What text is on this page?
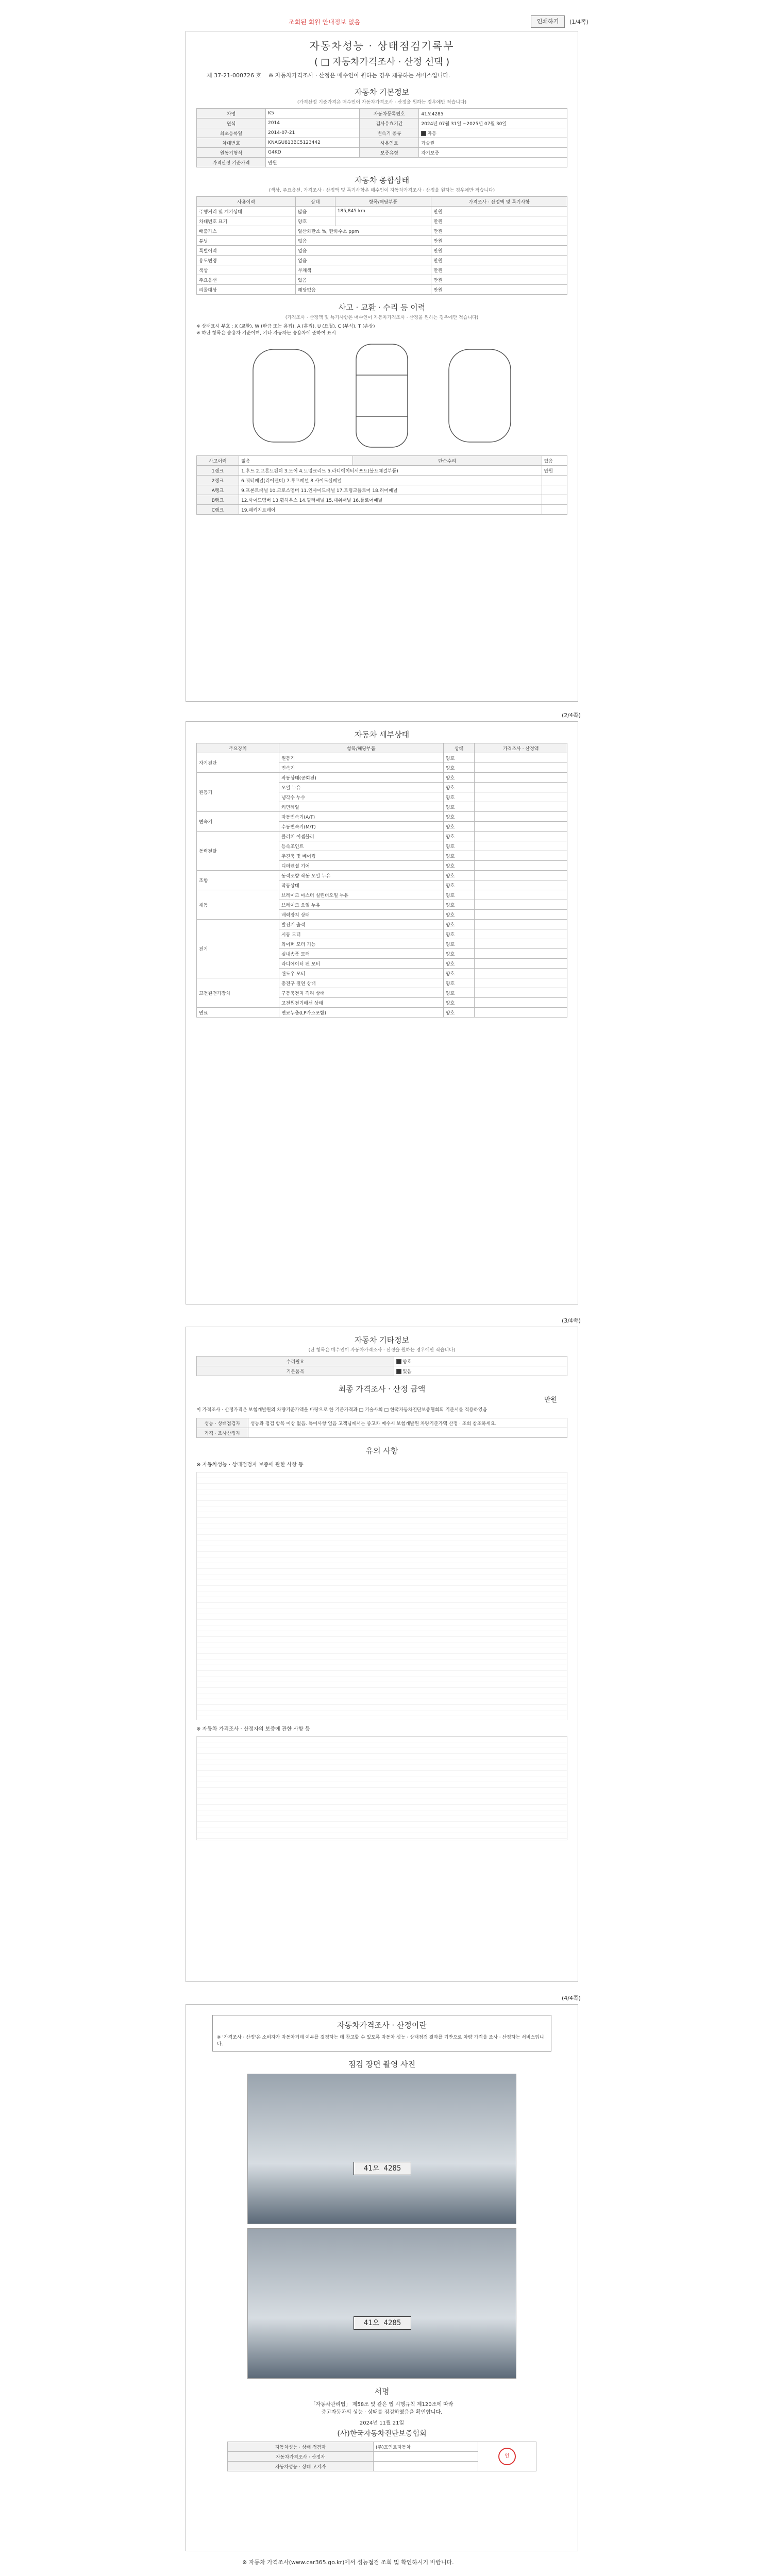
조회된 회원 안내정보 없음	인쇄하기	(1/4쪽)
자동차성능 · 상태점검기록부
( □ 자동차가격조사 · 산정 선택 )
제 37-21-000726 호 ※ 자동차가격조사 · 산정은 매수인이 원하는 경우 제공하는 서비스입니다.
자동차 기본정보
(가격산정 기준가격은 매수인이 자동차가격조사 · 산정을 원하는 경우에만 적습니다)
차명	K5	자동차등록번호	41오4285
연식	2014	검사유효기간	2024년 07월 31일 ~2025년 07월 30일
최초등록일	2014-07-21	변속기 종류	자동
차대번호	KNAGU813BC5123442	사용연료	가솔린
원동기형식	G4KD	보증유형	자기보증
가격산정 기준가격	만원		
자동차 종합상태
(색상, 주요옵션, 가격조사 · 산정액 및 특기사항은 매수인이 자동차가격조사 · 산정을 원하는 경우에만 적습니다)
사용이력	상태	항목/해당부품	가격조사 · 산정액 및 특기사항
주행거리 및 계기상태	많음	185,845 km	만원
차대번호 표기	양호		만원
배출가스	일산화탄소 %, 탄화수소 ppm		만원
튜닝	없음		만원
특별이력	없음		만원
용도변경	없음		만원
색상	무채색		만원
주요옵션	있음		만원
리콜대상	해당없음		만원
사고 · 교환 · 수리 등 이력
(가격조사 · 산정액 및 특기사항은 매수인이 자동차가격조사 · 산정을 원하는 경우에만 적습니다)
※ 상태표시 부호 : X (교환), W (판금 또는 용접), A (흠집), U (요철), C (부식), T (손상)
※ 하단 항목은 승용차 기준이며, 기타 자동차는 승용차에 준하여 표시
사고이력	없음	단순수리	있음
1랭크	1.후드 2.프론트펜더 3.도어 4.트렁크리드 5.라디에이터서포트(볼트체결부품)		만원
2랭크	6.쿼터패널(리어펜더) 7.루프패널 8.사이드실패널		
A랭크	9.프론트패널 10.크로스멤버 11.인사이드패널 17.트렁크플로어 18.리어패널		
B랭크	12.사이드멤버 13.휠하우스 14.필러패널 15.대쉬패널 16.플로어패널		
C랭크	19.패키지트레이		
(2/4쪽)
자동차 세부상태
주요장치	항목/해당부품	상태	가격조사 · 산정액
자기진단	원동기	양호	
	변속기	양호	
원동기	작동상태(공회전)	양호	
	오일 누유	양호	
	냉각수 누수	양호	
	커먼레일	양호	
변속기	자동변속기(A/T)	양호	
	수동변속기(M/T)	양호	
동력전달	클러치 어셈블리	양호	
	등속조인트	양호	
	추진축 및 베어링	양호	
	디퍼렌셜 기어	양호	
조향	동력조향 작동 오일 누유	양호	
	작동상태	양호	
제동	브레이크 마스터 실린더오일 누유	양호	
	브레이크 오일 누유	양호	
	배력장치 상태	양호	
전기	발전기 출력	양호	
	시동 모터	양호	
	와이퍼 모터 기능	양호	
	실내송풍 모터	양호	
	라디에이터 팬 모터	양호	
	윈도우 모터	양호	
고전원전기장치	충전구 절연 상태	양호	
	구동축전지 격리 상태	양호	
	고전원전기배선 상태	양호	
연료	연료누출(LP가스포함)	양호	
(3/4쪽)
자동차 기타정보
(단 항목은 매수인이 자동차가격조사 · 산정을 원하는 경우에만 적습니다)
수리필요	양호
기본품목	있음
최종 가격조사 · 산정 금액
만원
이 가격조사 · 산정가격은 보험개발원의 차량기준가액을 바탕으로 한 기준가격과 □ 기술사회 □ 한국자동차진단보증협회의 기준서를 적용하였음
성능 · 상태점검자	성능과 점검 항목 이상 없음. 특이사항 없음 고객님께서는 중고차 매수시 보험개발원 차량기준가액 산정 · 조회 참조하세요.
가격 · 조사산정자	
유의 사항
※ 자동차성능 · 상태점검자 보증에 관한 사항 등
※ 자동차 가격조사 · 산정자의 보증에 관한 사항 등
(4/4쪽)
자동차가격조사 · 산정이란
※ '가격조사 · 산정'은 소비자가 자동차거래 여부를 결정하는 데 참고할 수 있도록 자동차 성능 · 상태점검 결과를 기반으로 차량 가격을 조사 · 산정하는 서비스입니다.
점검 장면 촬영 사진
41오 4285
41오 4285
서명
「자동차관리법」 제58조 및 같은 법 시행규칙 제120조에 따라
중고자동차의 성능 · 상태를 점검하였음을 확인합니다.
2024년 11월 21일
(사)한국자동차진단보증협회
자동차성능 · 상태 점검자	(주)포인트자동차	인
자동차가격조사 · 산정자		
자동차성능 · 상태 고지자		
※ 자동차 가격조사(www.car365.go.kr)에서 성능점검 조회 및 확인하시기 바랍니다.
